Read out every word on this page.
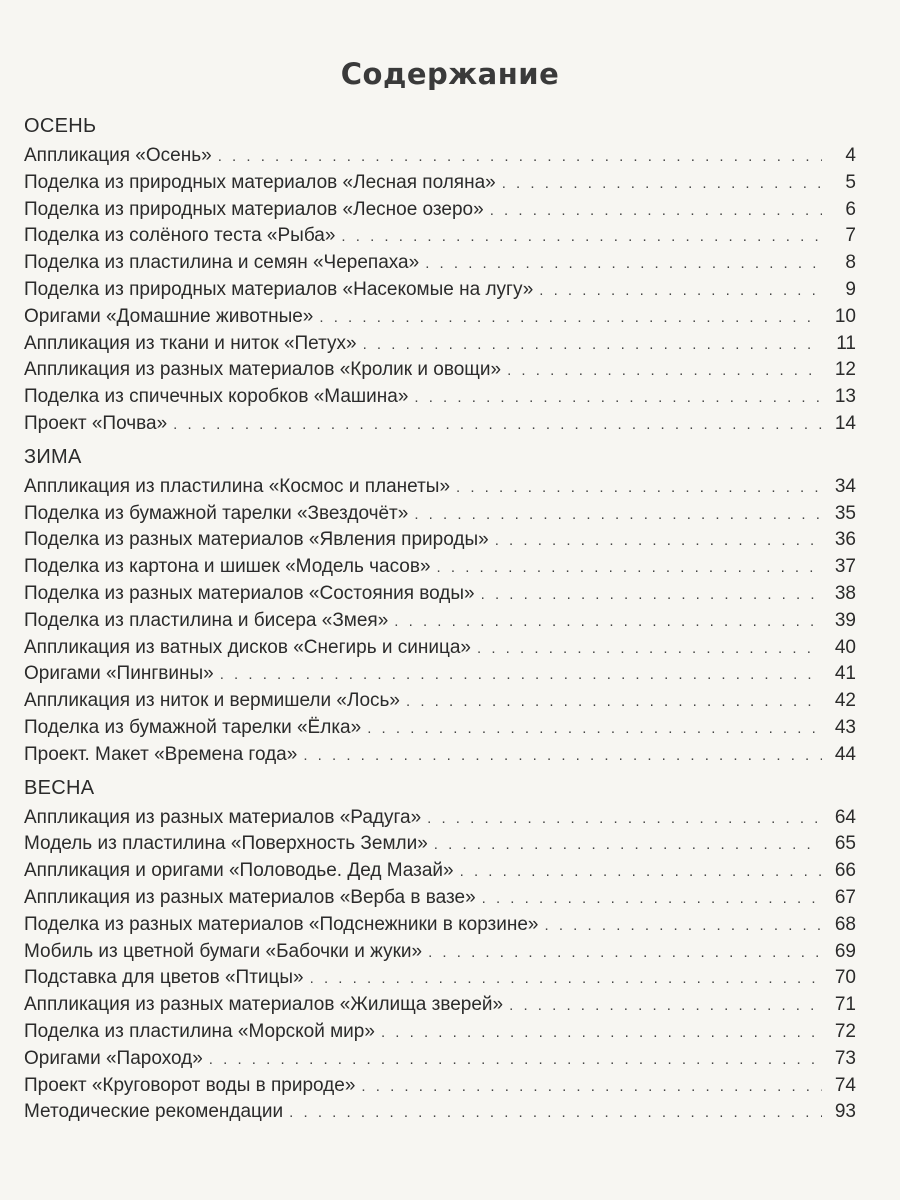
Содержание
ОСЕНЬ
Аппликация «Осень» . . .	4
Поделка из природных материалов «Лесная поляна» . . .	5
Поделка из природных материалов «Лесное озеро» . . .	6
Поделка из солёного теста «Рыба» . . .	7
Поделка из пластилина и семян «Черепаха» . . .	8
Поделка из природных материалов «Насекомые на лугу» . . .	9
Оригами «Домашние животные» . . .	10
Аппликация из ткани и ниток «Петух» . . .	11
Аппликация из разных материалов «Кролик и овощи» . . .	12
Поделка из спичечных коробков «Машина» . . .	13
Проект «Почва» . . .	14
ЗИМА
Аппликация из пластилина «Космос и планеты» . . .	34
Поделка из бумажной тарелки «Звездочёт» . . .	35
Поделка из разных материалов «Явления природы» . . .	36
Поделка из картона и шишек «Модель часов» . . .	37
Поделка из разных материалов «Состояния воды» . . .	38
Поделка из пластилина и бисера «Змея» . . .	39
Аппликация из ватных дисков «Снегирь и синица» . . .	40
Оригами «Пингвины» . . .	41
Аппликация из ниток и вермишели «Лось» . . .	42
Поделка из бумажной тарелки «Ёлка» . . .	43
Проект. Макет «Времена года» . . .	44
ВЕСНА
Аппликация из разных материалов «Радуга» . . .	64
Модель из пластилина «Поверхность Земли» . . .	65
Аппликация и оригами «Половодье. Дед Мазай» . . .	66
Аппликация из разных материалов «Верба в вазе» . . .	67
Поделка из разных материалов «Подснежники в корзине» . . .	68
Мобиль из цветной бумаги «Бабочки и жуки» . . .	69
Подставка для цветов «Птицы» . . .	70
Аппликация из разных материалов «Жилища зверей» . . .	71
Поделка из пластилина «Морской мир» . . .	72
Оригами «Пароход» . . .	73
Проект «Круговорот воды в природе» . . .	74
Методические рекомендации . . .	93
